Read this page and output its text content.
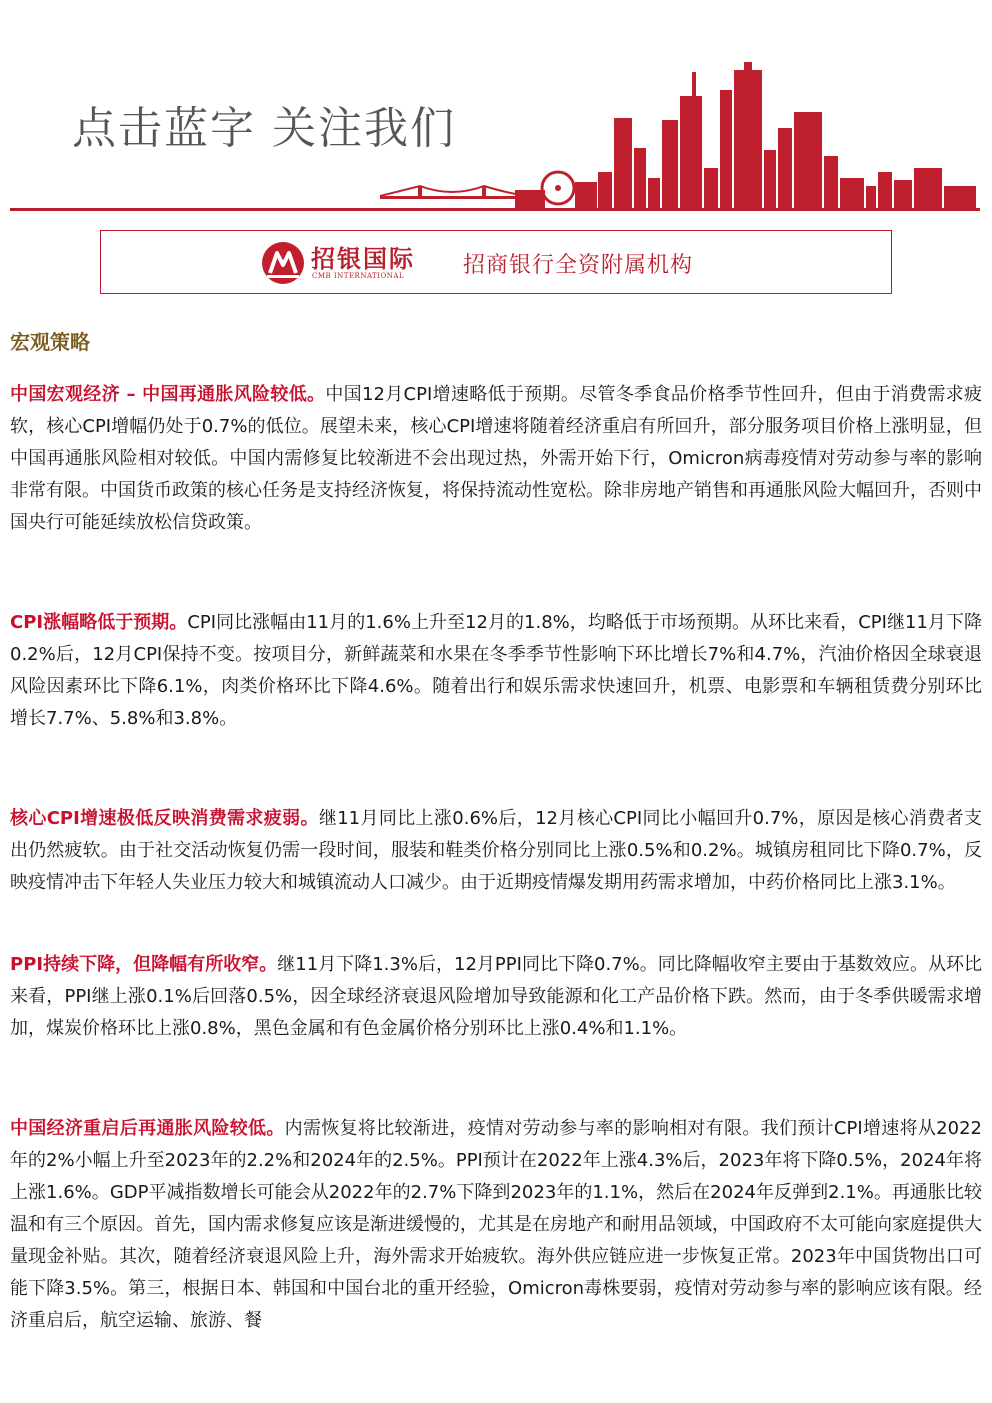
点击蓝字 关注我们
招银国际
CMB INTERNATIONAL	招商银行全资附属机构
宏观策略

中国宏观经济 – 中国再通胀风险较低。中国12月CPI增速略低于预期。尽管冬季食品价格季节性回升，但由于消费需求疲软，核心CPI增幅仍处于0.7%的低位。展望未来，核心CPI增速将随着经济重启有所回升，部分服务项目价格上涨明显，但中国再通胀风险相对较低。中国内需修复比较渐进不会出现过热，外需开始下行，Omicron病毒疫情对劳动参与率的影响非常有限。中国货币政策的核心任务是支持经济恢复，将保持流动性宽松。除非房地产销售和再通胀风险大幅回升，否则中国央行可能延续放松信贷政策。

CPI涨幅略低于预期。CPI同比涨幅由11月的1.6%上升至12月的1.8%，均略低于市场预期。从环比来看，CPI继11月下降0.2%后，12月CPI保持不变。按项目分，新鲜蔬菜和水果在冬季季节性影响下环比增长7%和4.7%，汽油价格因全球衰退风险因素环比下降6.1%，肉类价格环比下降4.6%。随着出行和娱乐需求快速回升，机票、电影票和车辆租赁费分别环比增长7.7%、5.8%和3.8%。

核心CPI增速极低反映消费需求疲弱。继11月同比上涨0.6%后，12月核心CPI同比小幅回升0.7%，原因是核心消费者支出仍然疲软。由于社交活动恢复仍需一段时间，服装和鞋类价格分别同比上涨0.5%和0.2%。城镇房租同比下降0.7%，反映疫情冲击下年轻人失业压力较大和城镇流动人口减少。由于近期疫情爆发期用药需求增加，中药价格同比上涨3.1%。

PPI持续下降，但降幅有所收窄。继11月下降1.3%后，12月PPI同比下降0.7%。同比降幅收窄主要由于基数效应。从环比来看，PPI继上涨0.1%后回落0.5%，因全球经济衰退风险增加导致能源和化工产品价格下跌。然而，由于冬季供暖需求增加，煤炭价格环比上涨0.8%，黑色金属和有色金属价格分别环比上涨0.4%和1.1%。

中国经济重启后再通胀风险较低。内需恢复将比较渐进，疫情对劳动参与率的影响相对有限。我们预计CPI增速将从2022年的2%小幅上升至2023年的2.2%和2024年的2.5%。PPI预计在2022年上涨4.3%后，2023年将下降0.5%，2024年将上涨1.6%。GDP平减指数增长可能会从2022年的2.7%下降到2023年的1.1%，然后在2024年反弹到2.1%。再通胀比较温和有三个原因。首先，国内需求修复应该是渐进缓慢的，尤其是在房地产和耐用品领域，中国政府不太可能向家庭提供大量现金补贴。其次，随着经济衰退风险上升，海外需求开始疲软。海外供应链应进一步恢复正常。2023年中国货物出口可能下降3.5%。第三，根据日本、韩国和中国台北的重开经验，Omicron毒株要弱，疫情对劳动参与率的影响应该有限。经济重启后，航空运输、旅游、餐
